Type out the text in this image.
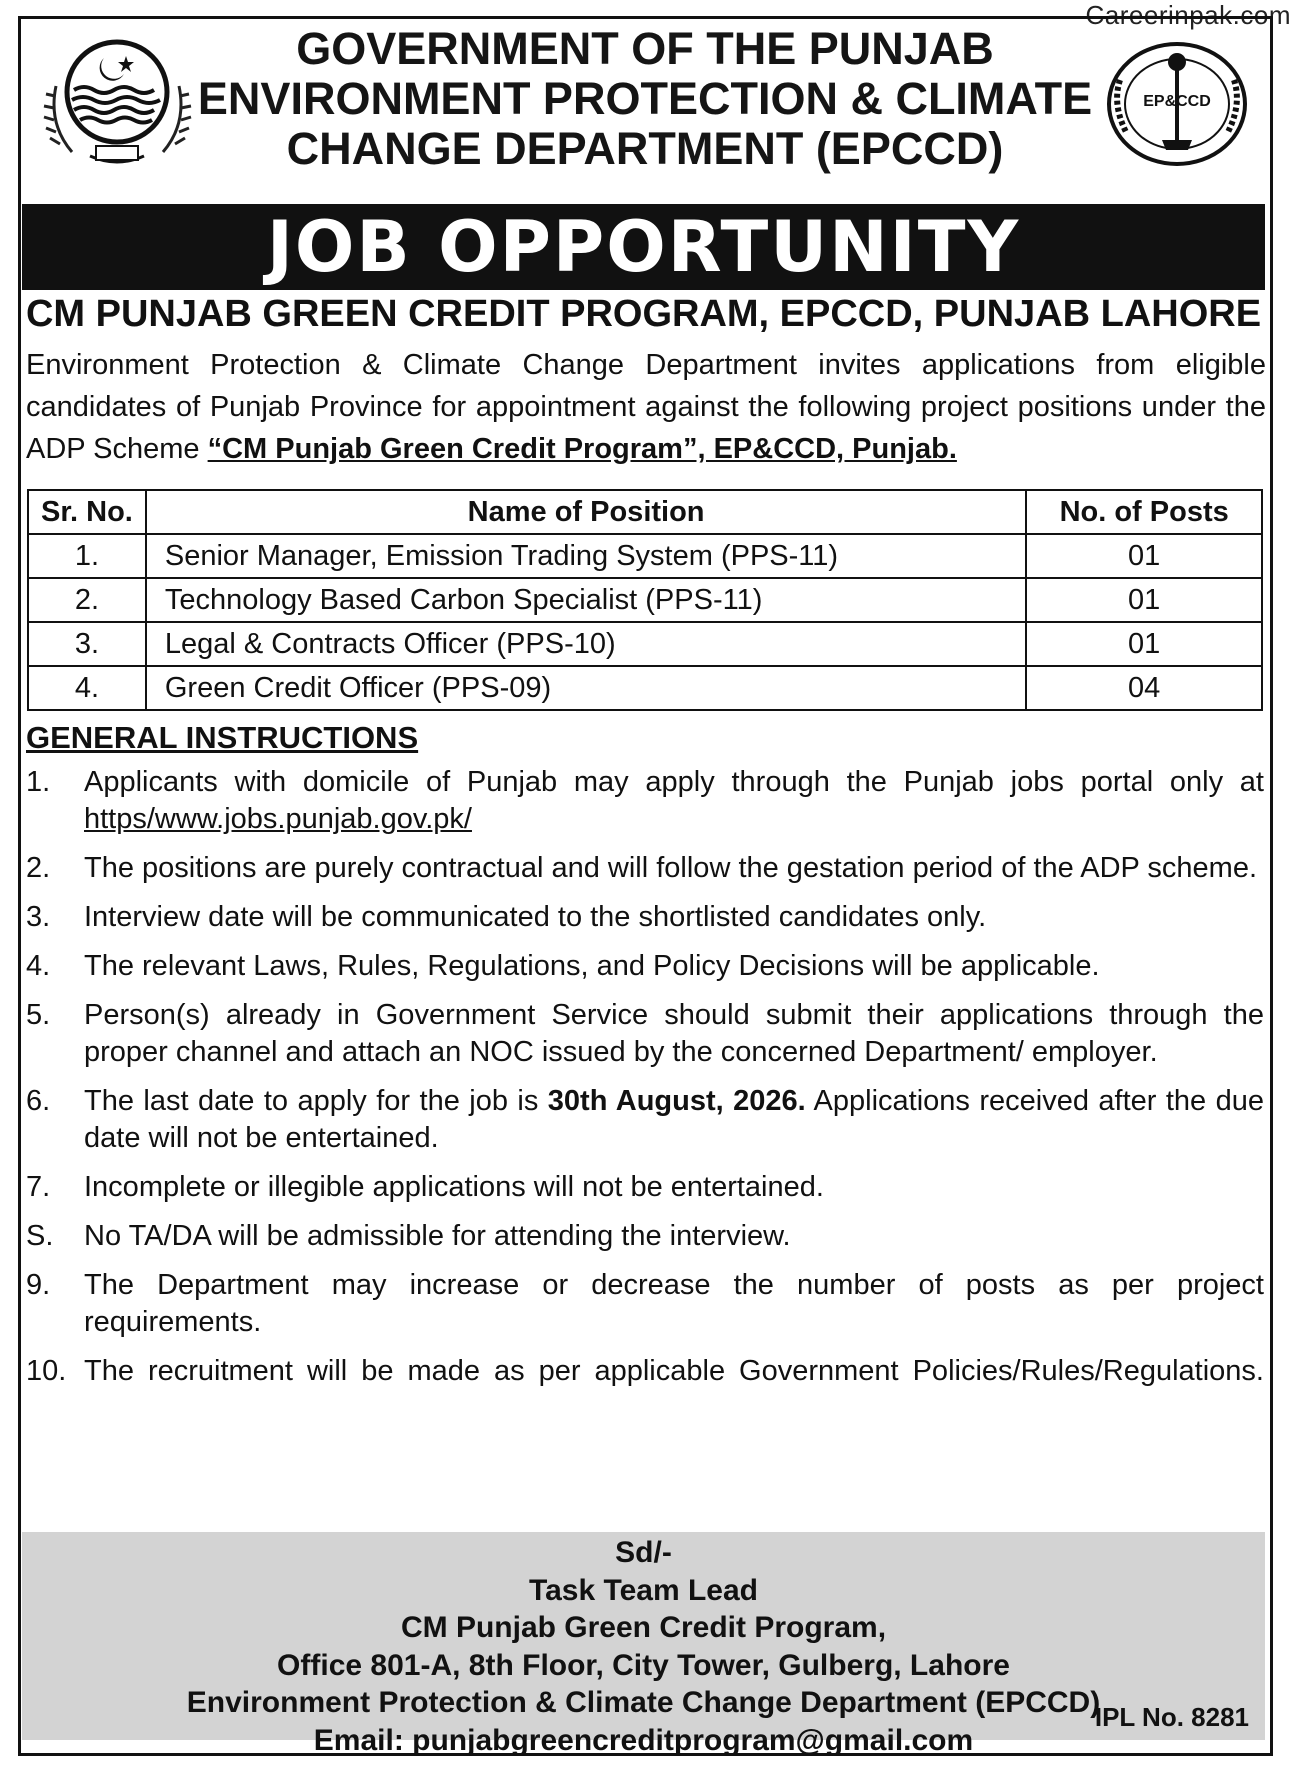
Careerinpak.com
GOVERNMENT OF THE PUNJAB
ENVIRONMENT PROTECTION & CLIMATE
CHANGE DEPARTMENT (EPCCD)
EP&CCD
JOB OPPORTUNITY
CM PUNJAB GREEN CREDIT PROGRAM, EPCCD, PUNJAB LAHORE
Environment Protection & Climate Change Department invites applications from eligible candidates of Punjab Province for appointment against the following project positions under the ADP Scheme “CM Punjab Green Credit Program”, EP&CCD, Punjab.
Sr. No.	Name of Position	No. of Posts
1.	Senior Manager, Emission Trading System (PPS-11)	01
2.	Technology Based Carbon Specialist (PPS-11)	01
3.	Legal & Contracts Officer (PPS-10)	01
4.	Green Credit Officer (PPS-09)	04
GENERAL INSTRUCTIONS
1.	Applicants with domicile of Punjab may apply through the Punjab jobs portal only at https/www.jobs.punjab.gov.pk/
2.	The positions are purely contractual and will follow the gestation period of the ADP scheme.
3.	Interview date will be communicated to the shortlisted candidates only.
4.	The relevant Laws, Rules, Regulations, and Policy Decisions will be applicable.
5.	Person(s) already in Government Service should submit their applications through the proper channel and attach an NOC issued by the concerned Department/ employer.
6.	The last date to apply for the job is 30th August, 2026. Applications received after the due date will not be entertained.
7.	Incomplete or illegible applications will not be entertained.
S.	No TA/DA will be admissible for attending the interview.
9.	The Department may increase or decrease the number of posts as per project requirements.
10. The recruitment will be made as per applicable Government Policies/Rules/Regulations.
Sd/-
Task Team Lead
CM Punjab Green Credit Program,
Office 801-A, 8th Floor, City Tower, Gulberg, Lahore
Environment Protection & Climate Change Department (EPCCD)
Email: punjabgreencreditprogram@gmail.com
IPL No. 8281
